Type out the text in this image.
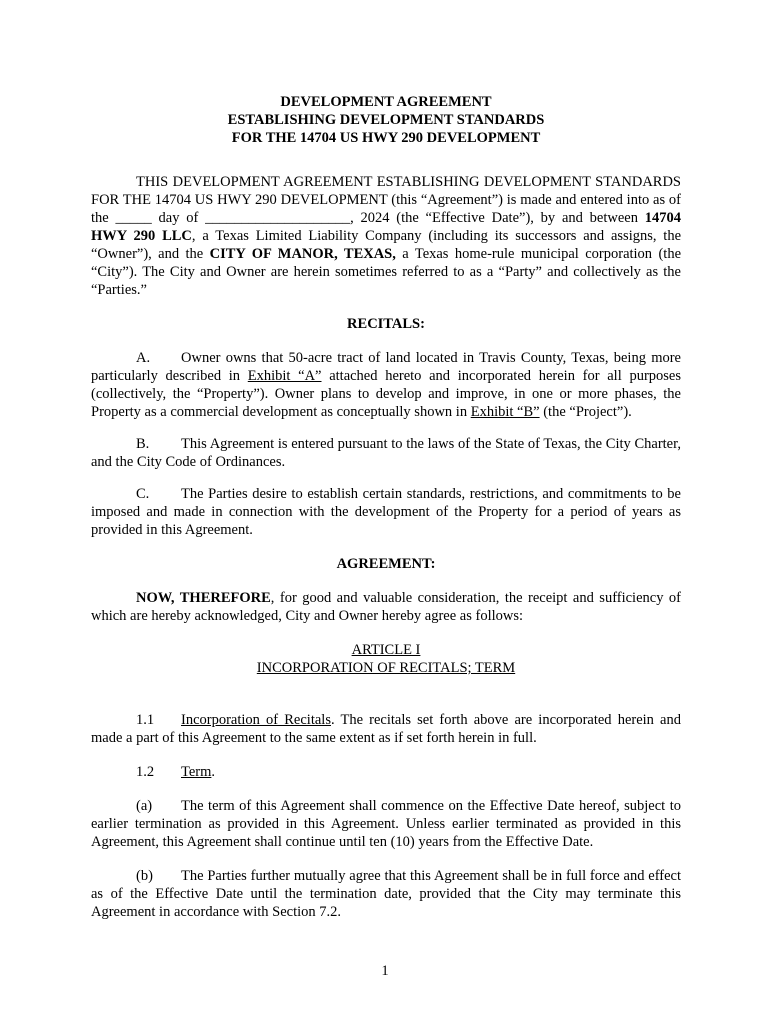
DEVELOPMENT AGREEMENT

ESTABLISHING DEVELOPMENT STANDARDS

FOR THE 14704 US HWY 290 DEVELOPMENT

THIS DEVELOPMENT AGREEMENT ESTABLISHING DEVELOPMENT STANDARDS FOR THE 14704 US HWY 290 DEVELOPMENT (this “Agreement”) is made and entered into as of the _____ day of ____________________, 2024 (the “Effective Date”), by and between 14704 HWY 290 LLC, a Texas Limited Liability Company (including its successors and assigns, the “Owner”), and the CITY OF MANOR, TEXAS, a Texas home-rule municipal corporation (the “City”). The City and Owner are herein sometimes referred to as a “Party” and collectively as the “Parties.”

RECITALS:

A. Owner owns that 50-acre tract of land located in Travis County, Texas, being more particularly described in Exhibit “A” attached hereto and incorporated herein for all purposes (collectively, the “Property”). Owner plans to develop and improve, in one or more phases, the Property as a commercial development as conceptually shown in Exhibit “B” (the “Project”).

B. This Agreement is entered pursuant to the laws of the State of Texas, the City Charter, and the City Code of Ordinances.

C. The Parties desire to establish certain standards, restrictions, and commitments to be imposed and made in connection with the development of the Property for a period of years as provided in this Agreement.

AGREEMENT:

NOW, THEREFORE, for good and valuable consideration, the receipt and sufficiency of which are hereby acknowledged, City and Owner hereby agree as follows:

ARTICLE I

INCORPORATION OF RECITALS; TERM

1.1 Incorporation of Recitals. The recitals set forth above are incorporated herein and made a part of this Agreement to the same extent as if set forth herein in full.

1.2 Term.

(a) The term of this Agreement shall commence on the Effective Date hereof, subject to earlier termination as provided in this Agreement. Unless earlier terminated as provided in this Agreement, this Agreement shall continue until ten (10) years from the Effective Date.

(b) The Parties further mutually agree that this Agreement shall be in full force and effect as of the Effective Date until the termination date, provided that the City may terminate this Agreement in accordance with Section 7.2.

1
